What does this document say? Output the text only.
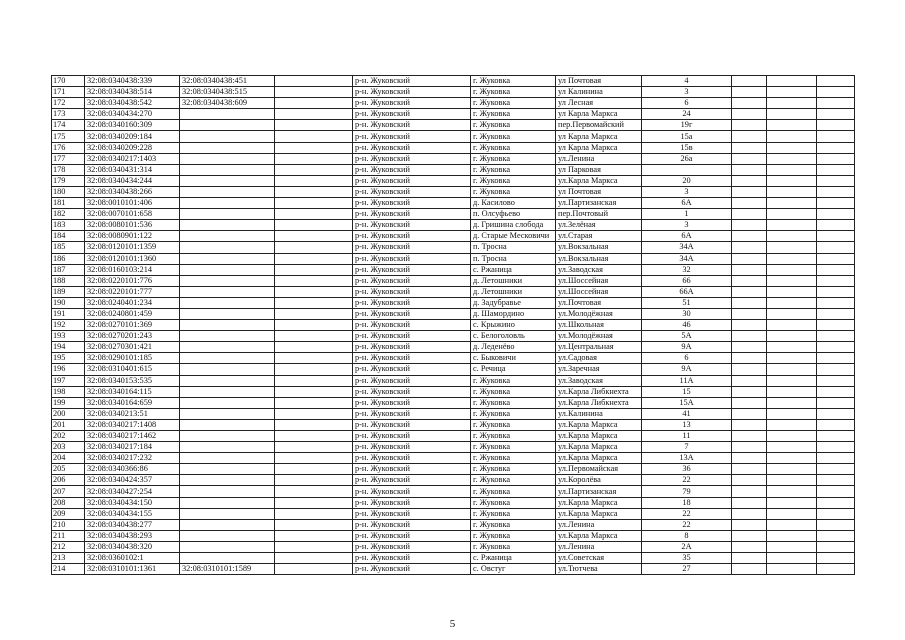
170	32:08:0340438:339	32:08:0340438:451		р-н. Жуковский	г. Жуковка	ул Почтовая	4			
171	32:08:0340438:514	32:08:0340438:515		р-н. Жуковский	г. Жуковка	ул Калинина	3			
172	32:08:0340438:542	32:08:0340438:609		р-н. Жуковский	г. Жуковка	ул Лесная	6			
173	32:08:0340434:270			р-н. Жуковский	г. Жуковка	ул Карла Маркса	24			
174	32:08:0340160:309			р-н. Жуковский	г. Жуковка	пер.Первомайский	19г			
175	32:08:0340209:184			р-н. Жуковский	г. Жуковка	ул Карла Маркса	15а			
176	32:08:0340209:228			р-н. Жуковский	г. Жуковка	ул Карла Маркса	15в			
177	32:08:0340217:1403			р-н. Жуковский	г. Жуковка	ул.Ленина	26а			
178	32:08:0340431:314			р-н. Жуковский	г. Жуковка	ул Парковая				
179	32:08:0340434:244			р-н. Жуковский	г. Жуковка	ул.Карла Маркса	20			
180	32:08:0340438:266			р-н. Жуковский	г. Жуковка	ул Почтовая	3			
181	32:08:0010101:406			р-н. Жуковский	д. Касилово	ул.Партизанская	6А			
182	32:08:0070101:658			р-н. Жуковский	п. Олсуфьево	пер.Почтовый	1			
183	32:08:0080101:536			р-н. Жуковский	д. Гришина слобода	ул.Зелёная	3			
184	32:08:0080901:122			р-н. Жуковский	д. Старые Месковичи	ул.Старая	6А			
185	32:08:0120101:1359			р-н. Жуковский	п. Тросна	ул.Вокзальная	34А			
186	32:08:0120101:1360			р-н. Жуковский	п. Тросна	ул.Вокзальная	34А			
187	32:08:0160103:214			р-н. Жуковский	с. Ржаница	ул.Заводская	32			
188	32:08:0220101:776			р-н. Жуковский	д. Летошники	ул.Шоссейная	66			
189	32:08:0220101:777			р-н. Жуковский	д. Летошники	ул.Шоссейная	66А			
190	32:08:0240401:234			р-н. Жуковский	д. Задубравье	ул.Почтовая	51			
191	32:08:0240801:459			р-н. Жуковский	д. Шамордино	ул.Молодёжная	30			
192	32:08:0270101:369			р-н. Жуковский	с. Крыжино	ул.Школьная	46			
193	32:08:0270201:243			р-н. Жуковский	с. Белоголовль	ул.Молодёжная	5А			
194	32:08:0270301:421			р-н. Жуковский	д. Леденёво	ул.Центральная	9А			
195	32:08:0290101:185			р-н. Жуковский	с. Быковичи	ул.Садовая	6			
196	32:08:0310401:615			р-н. Жуковский	с. Речица	ул.Заречная	9А			
197	32:08:0340153:535			р-н. Жуковский	г. Жуковка	ул.Заводская	11А			
198	32:08:0340164:115			р-н. Жуковский	г. Жуковка	ул.Карла Либкнехта	15			
199	32:08:0340164:659			р-н. Жуковский	г. Жуковка	ул.Карла Либкнехта	15А			
200	32:08:0340213:51			р-н. Жуковский	г. Жуковка	ул.Калинина	41			
201	32:08:0340217:1408			р-н. Жуковский	г. Жуковка	ул.Карла Маркса	13			
202	32:08:0340217:1462			р-н. Жуковский	г. Жуковка	ул.Карла Маркса	11			
203	32:08:0340217:184			р-н. Жуковский	г. Жуковка	ул.Карла Маркса	7			
204	32:08:0340217:232			р-н. Жуковский	г. Жуковка	ул.Карла Маркса	13А			
205	32:08:0340366:86			р-н. Жуковский	г. Жуковка	ул.Первомайская	36			
206	32:08:0340424:357			р-н. Жуковский	г. Жуковка	ул.Королёва	22			
207	32:08:0340427:254			р-н. Жуковский	г. Жуковка	ул.Партизанская	79			
208	32:08:0340434:150			р-н. Жуковский	г. Жуковка	ул.Карла Маркса	18			
209	32:08:0340434:155			р-н. Жуковский	г. Жуковка	ул.Карла Маркса	22			
210	32:08:0340438:277			р-н. Жуковский	г. Жуковка	ул.Ленина	22			
211	32:08:0340438:293			р-н. Жуковский	г. Жуковка	ул.Карла Маркса	8			
212	32:08:0340438:320			р-н. Жуковский	г. Жуковка	ул.Ленина	2А			
213	32:08:0360102:1			р-н. Жуковский	с. Ржаница	ул.Советская	35			
214	32:08:0310101:1361	32:08:0310101:1589		р-н. Жуковский	с. Овстуг	ул.Тютчева	27			
5
